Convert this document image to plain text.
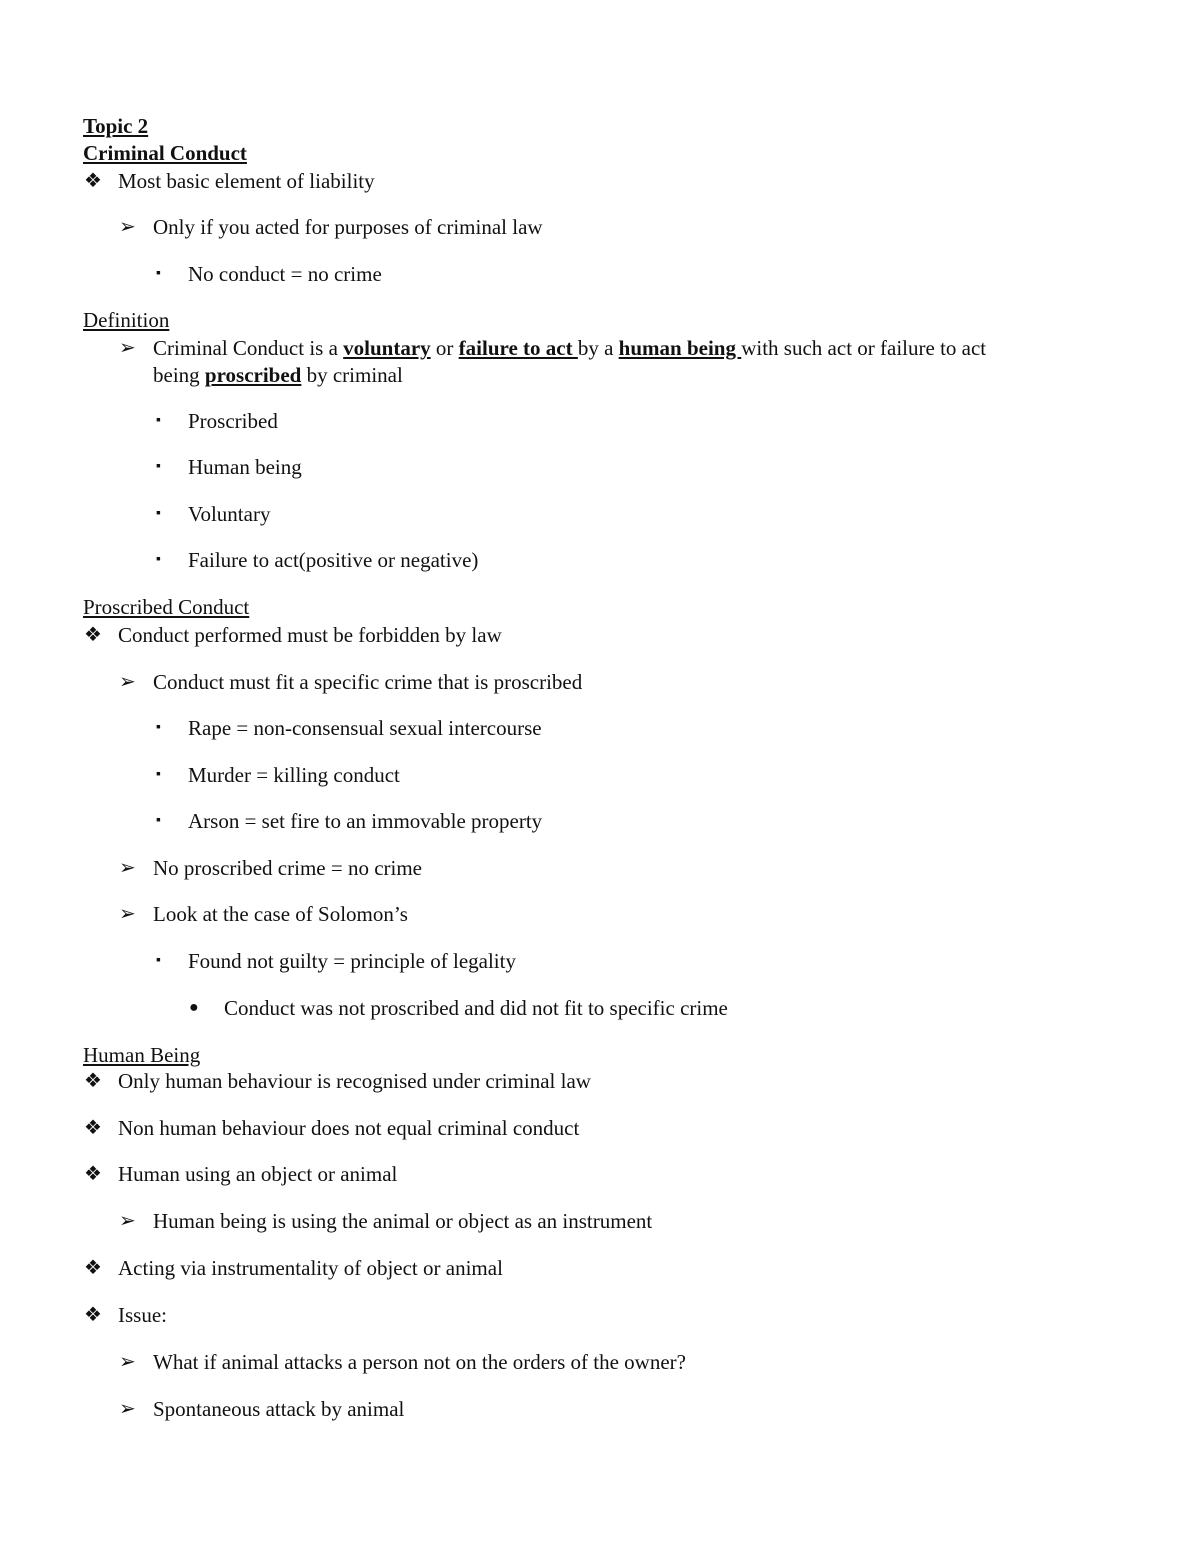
Topic 2
Criminal Conduct
❖ Most basic element of liability
➢ Only if you acted for purposes of criminal law
▪ No conduct = no crime
Definition
➢ Criminal Conduct is a voluntary or failure to act by a human being with such act or failure to act
being proscribed by criminal
▪ Proscribed
▪ Human being
▪ Voluntary
▪ Failure to act(positive or negative)
Proscribed Conduct
❖ Conduct performed must be forbidden by law
➢ Conduct must fit a specific crime that is proscribed
▪ Rape = non-consensual sexual intercourse
▪ Murder = killing conduct
▪ Arson = set fire to an immovable property
➢ No proscribed crime = no crime
➢ Look at the case of Solomon’s
▪ Found not guilty = principle of legality
● Conduct was not proscribed and did not fit to specific crime
Human Being
❖ Only human behaviour is recognised under criminal law
❖ Non human behaviour does not equal criminal conduct
❖ Human using an object or animal
➢ Human being is using the animal or object as an instrument
❖ Acting via instrumentality of object or animal
❖ Issue:
➢ What if animal attacks a person not on the orders of the owner?
➢ Spontaneous attack by animal
